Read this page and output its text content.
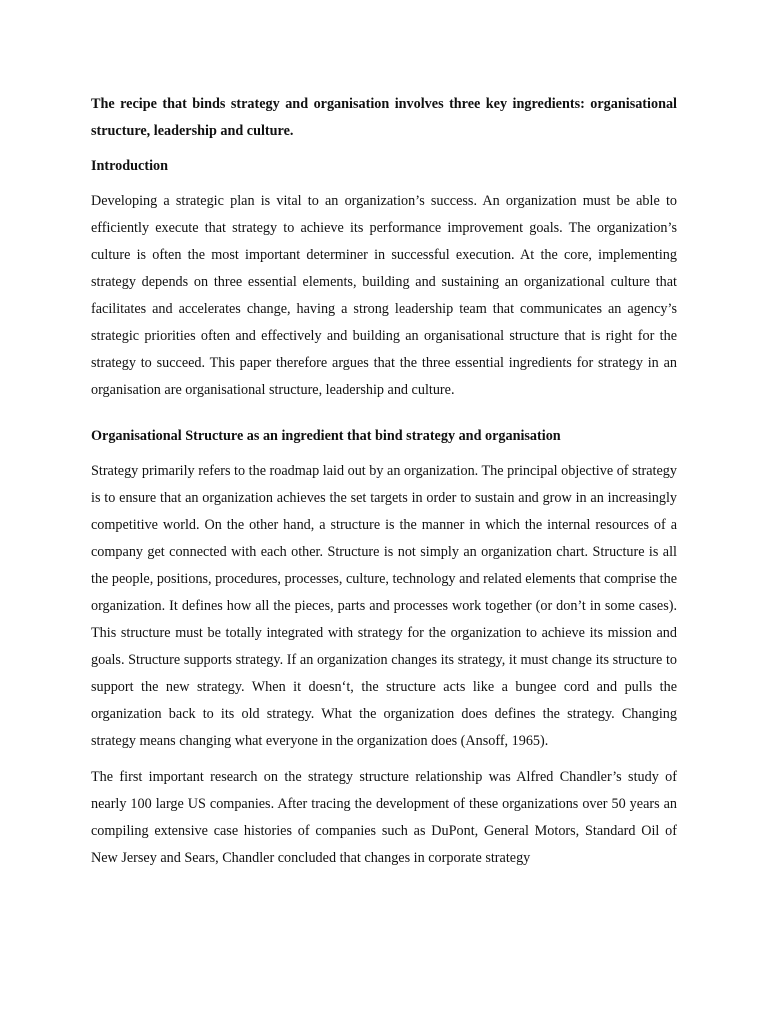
The recipe that binds strategy and organisation involves three key ingredients: organisational structure, leadership and culture.

Introduction

Developing a strategic plan is vital to an organization’s success. An organization must be able to efficiently execute that strategy to achieve its performance improvement goals. The organization’s culture is often the most important determiner in successful execution. At the core, implementing strategy depends on three essential elements, building and sustaining an organizational culture that facilitates and accelerates change, having a strong leadership team that communicates an agency’s strategic priorities often and effectively and building an organisational structure that is right for the strategy to succeed. This paper therefore argues that the three essential ingredients for strategy in an organisation are organisational structure, leadership and culture.

Organisational Structure as an ingredient that bind strategy and organisation

Strategy primarily refers to the roadmap laid out by an organization. The principal objective of strategy is to ensure that an organization achieves the set targets in order to sustain and grow in an increasingly competitive world. On the other hand, a structure is the manner in which the internal resources of a company get connected with each other. Structure is not simply an organization chart. Structure is all the people, positions, procedures, processes, culture, technology and related elements that comprise the organization. It defines how all the pieces, parts and processes work together (or don’t in some cases). This structure must be totally integrated with strategy for the organization to achieve its mission and goals. Structure supports strategy. If an organization changes its strategy, it must change its structure to support the new strategy. When it doesn‘t, the structure acts like a bungee cord and pulls the organization back to its old strategy. What the organization does defines the strategy. Changing strategy means changing what everyone in the organization does (Ansoff, 1965).

The first important research on the strategy structure relationship was Alfred Chandler’s study of nearly 100 large US companies. After tracing the development of these organizations over 50 years an compiling extensive case histories of companies such as DuPont, General Motors, Standard Oil of New Jersey and Sears, Chandler concluded that changes in corporate strategy
